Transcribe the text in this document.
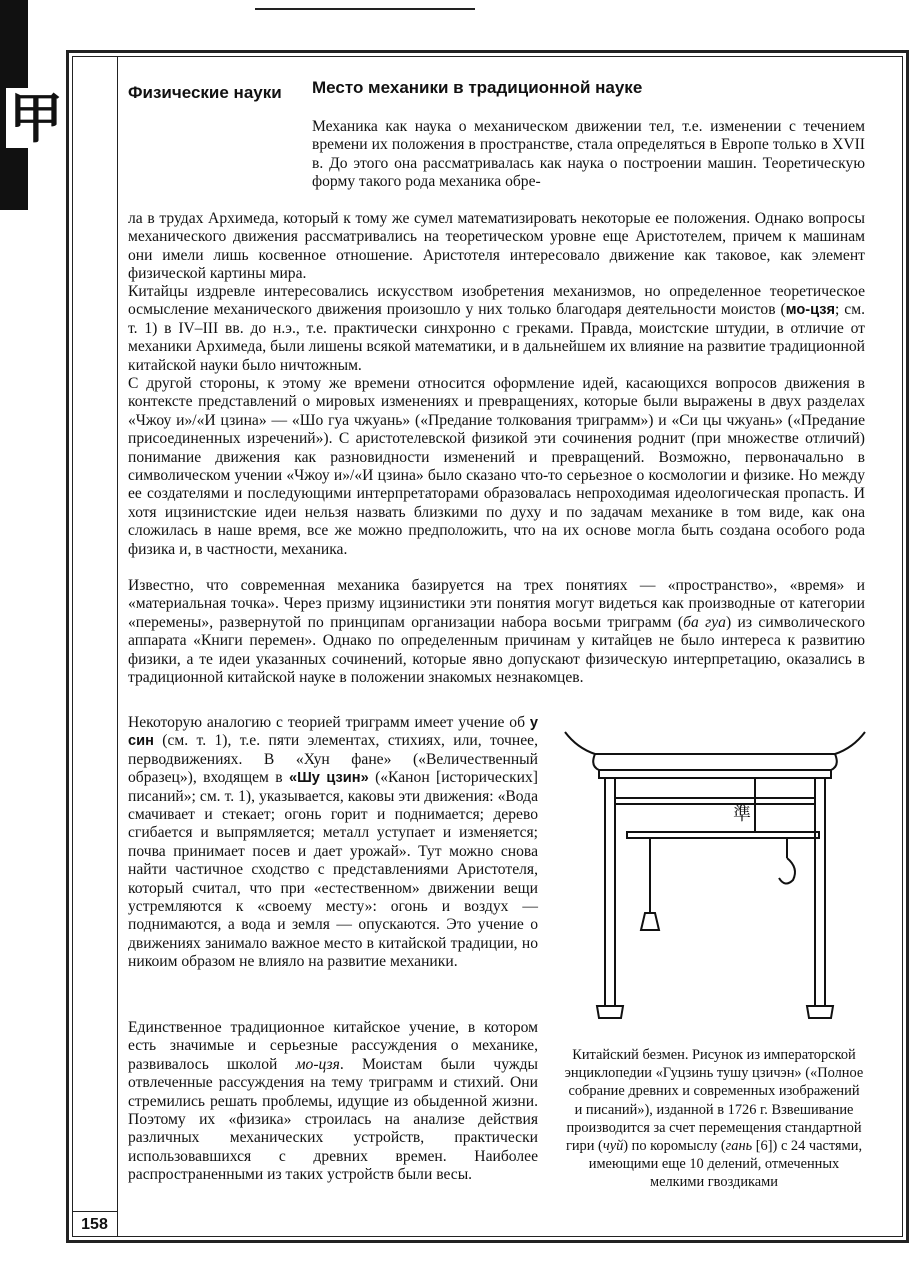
甲
158
Физические науки	Место механики в традиционной науке

Механика как наука о механическом движении тел, т.е. изменении с течением времени их положения в пространстве, стала определяться в Европе только в XVII в. До этого она рассматривалась как наука о построении машин. Теоретическую форму такого рода механика обре-

ла в трудах Архимеда, который к тому же сумел математизировать некоторые ее положения. Однако вопросы механического движения рассматривались на теоретическом уровне еще Аристотелем, причем к машинам они имели лишь косвенное отношение. Аристотеля интересовало движение как таковое, как элемент физической картины мира.

Китайцы издревле интересовались искусством изобретения механизмов, но определенное теоретическое осмысление механического движения произошло у них только благодаря деятельности моистов (мо-цзя; см. т. 1) в IV–III вв. до н.э., т.е. практически синхронно с греками. Правда, моистские штудии, в отличие от механики Архимеда, были лишены всякой математики, и в дальнейшем их влияние на развитие традиционной китайской науки было ничтожным.

С другой стороны, к этому же времени относится оформление идей, касающихся вопросов движения в контексте представлений о мировых изменениях и превращениях, которые были выражены в двух разделах «Чжоу и»/«И цзина» — «Шо гуа чжуань» («Предание толкования триграмм») и «Си цы чжуань» («Предание присоединенных изречений»). С аристотелевской физикой эти сочинения роднит (при множестве отличий) понимание движения как разновидности изменений и превращений. Возможно, первоначально в символическом учении «Чжоу и»/«И цзина» было сказано что-то серьезное о космологии и физике. Но между ее создателями и последующими интерпретаторами образовалась непроходимая идеологическая пропасть. И хотя ицзинистские идеи нельзя назвать близкими по духу и по задачам механике в том виде, как она сложилась в наше время, все же можно предположить, что на их основе могла быть создана особого рода физика и, в частности, механика.

Известно, что современная механика базируется на трех понятиях — «пространство», «время» и «материальная точка». Через призму ицзинистики эти понятия могут видеться как производные от категории «перемены», развернутой по принципам организации набора восьми триграмм (ба гуа) из символического аппарата «Книги перемен». Однако по определенным причинам у китайцев не было интереса к развитию физики, а те идеи указанных сочинений, которые явно допускают физическую интерпретацию, оказались в традиционной китайской науке в положении знакомых незнакомцев.

Некоторую аналогию с теорией триграмм имеет учение об у син (см. т. 1), т.е. пяти элементах, стихиях, или, точнее, перводвижениях. В «Хун фане» («Величественный образец»), входящем в «Шу цзин» («Канон [исторических] писаний»; см. т. 1), указывается, каковы эти движения: «Вода смачивает и стекает; огонь горит и поднимается; дерево сгибается и выпрямляется; металл уступает и изменяется; почва принимает посев и дает урожай». Тут можно снова найти частичное сходство с представлениями Аристотеля, который считал, что при «естественном» движении вещи устремляются к «своему месту»: огонь и воздух — поднимаются, а вода и земля — опускаются. Это учение о движениях занимало важное место в китайской традиции, но никоим образом не влияло на развитие механики.

Единственное традиционное китайское учение, в котором есть значимые и серьезные рассуждения о механике, развивалось школой мо-цзя. Моистам были чужды отвлеченные рассуждения на тему триграмм и стихий. Они стремились решать проблемы, идущие из обыденной жизни. Поэтому их «физика» строилась на анализе действия различных механических устройств, практически использовавшихся с древних времен. Наиболее распространенными из таких устройств были весы.

準

Китайский безмен. Рисунок из императорской энциклопедии «Гуцзинь тушу цзичэн» («Полное собрание древних и современных изображений и писаний»), изданной в 1726 г. Взвешивание производится за счет перемещения стандартной гири (чуй) по коромыслу (гань [6]) с 24 частями, имеющими еще 10 делений, отмеченных мелкими гвоздиками
